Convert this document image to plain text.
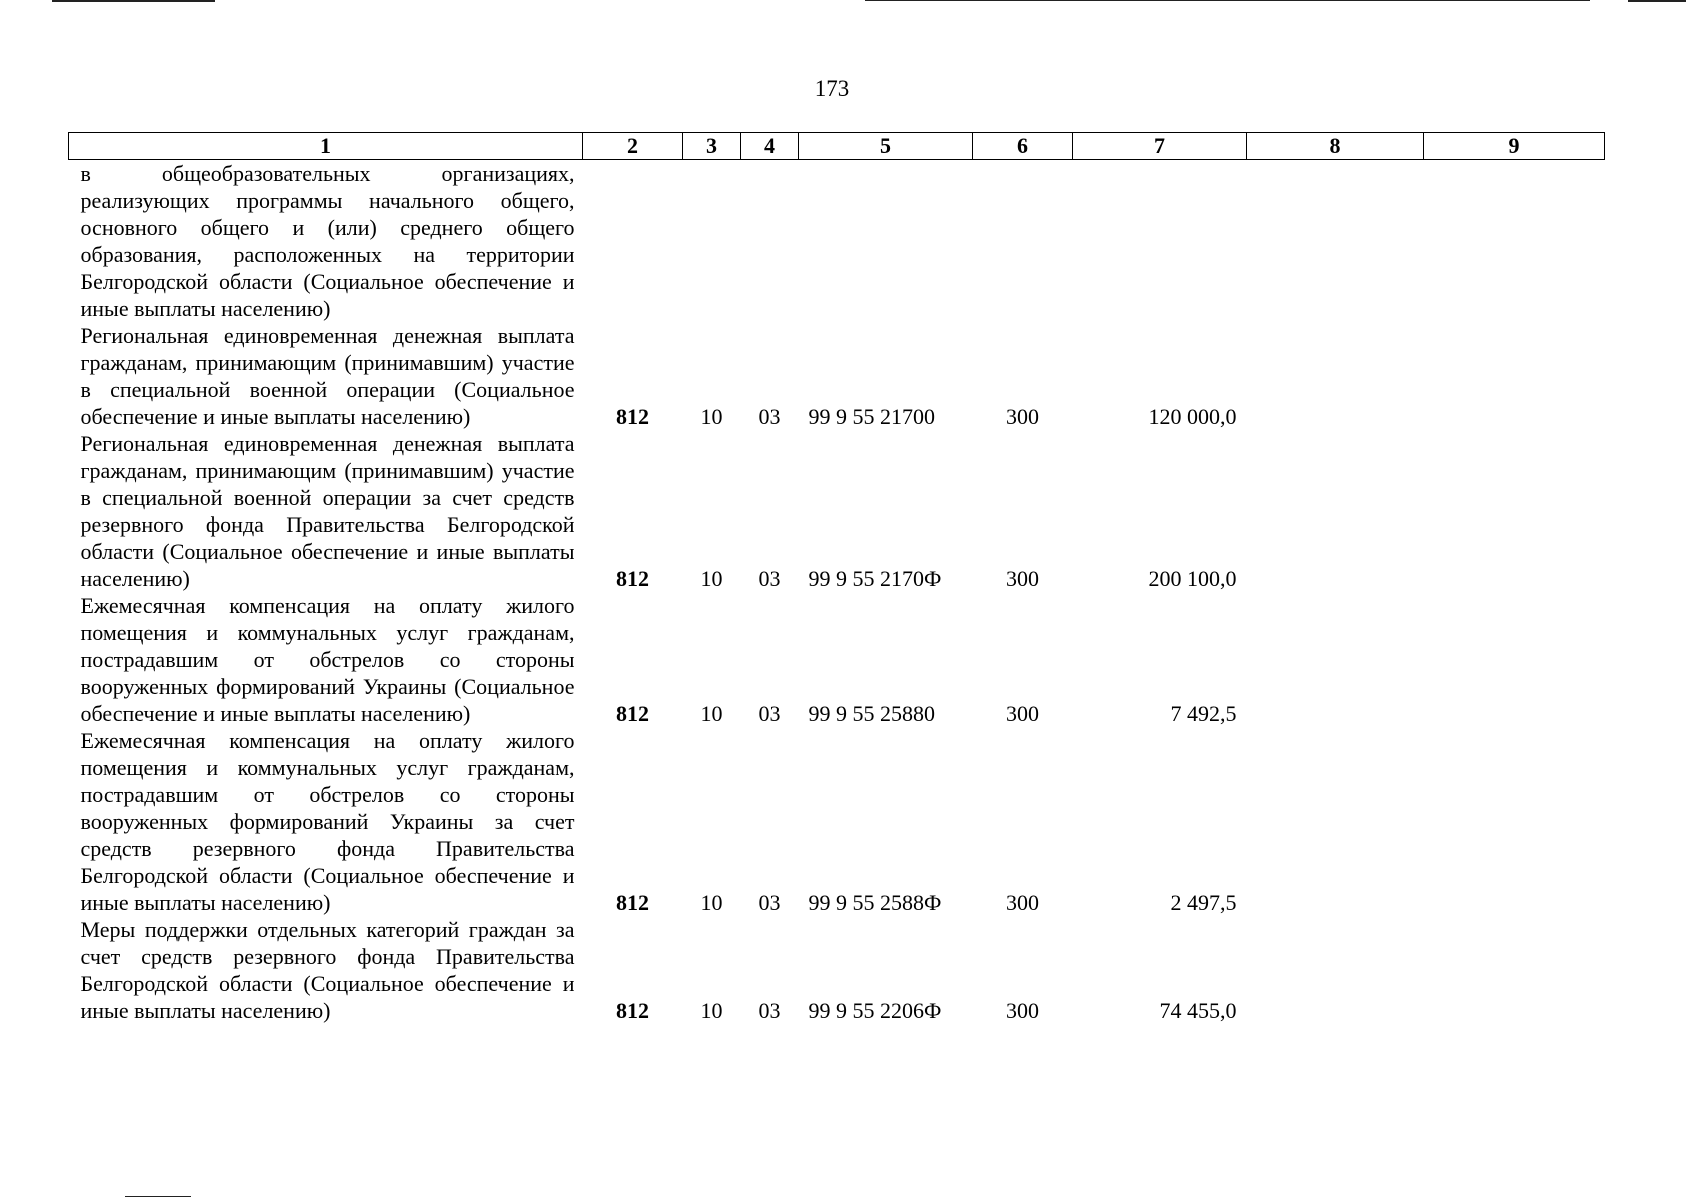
173
1	2	3	4	5	6	7	8	9
в общеобразовательных организациях, реализующих программы начального общего, основного общего и (или) среднего общего образования, расположенных на территории Белгородской области (Социальное обеспечение и иные выплаты населению)								
Региональная единовременная денежная выплата гражданам, принимающим (принимавшим) участие в специальной военной операции (Социальное обеспечение и иные выплаты населению)	812	10	03	99 9 55 21700	300	120 000,0		
Региональная единовременная денежная выплата гражданам, принимающим (принимавшим) участие в специальной военной операции за счет средств резервного фонда Правительства Белгородской области (Социальное обеспечение и иные выплаты населению)	812	10	03	99 9 55 2170Ф	300	200 100,0		
Ежемесячная компенсация на оплату жилого помещения и коммунальных услуг гражданам, пострадавшим от обстрелов со стороны вооруженных формирований Украины (Социальное обеспечение и иные выплаты населению)	812	10	03	99 9 55 25880	300	7 492,5		
Ежемесячная компенсация на оплату жилого помещения и коммунальных услуг гражданам, пострадавшим от обстрелов со стороны вооруженных формирований Украины за счет средств резервного фонда Правительства Белгородской области (Социальное обеспечение и иные выплаты населению)	812	10	03	99 9 55 2588Ф	300	2 497,5		
Меры поддержки отдельных категорий граждан за счет средств резервного фонда Правительства Белгородской области (Социальное обеспечение и иные выплаты населению)	812	10	03	99 9 55 2206Ф	300	74 455,0		
